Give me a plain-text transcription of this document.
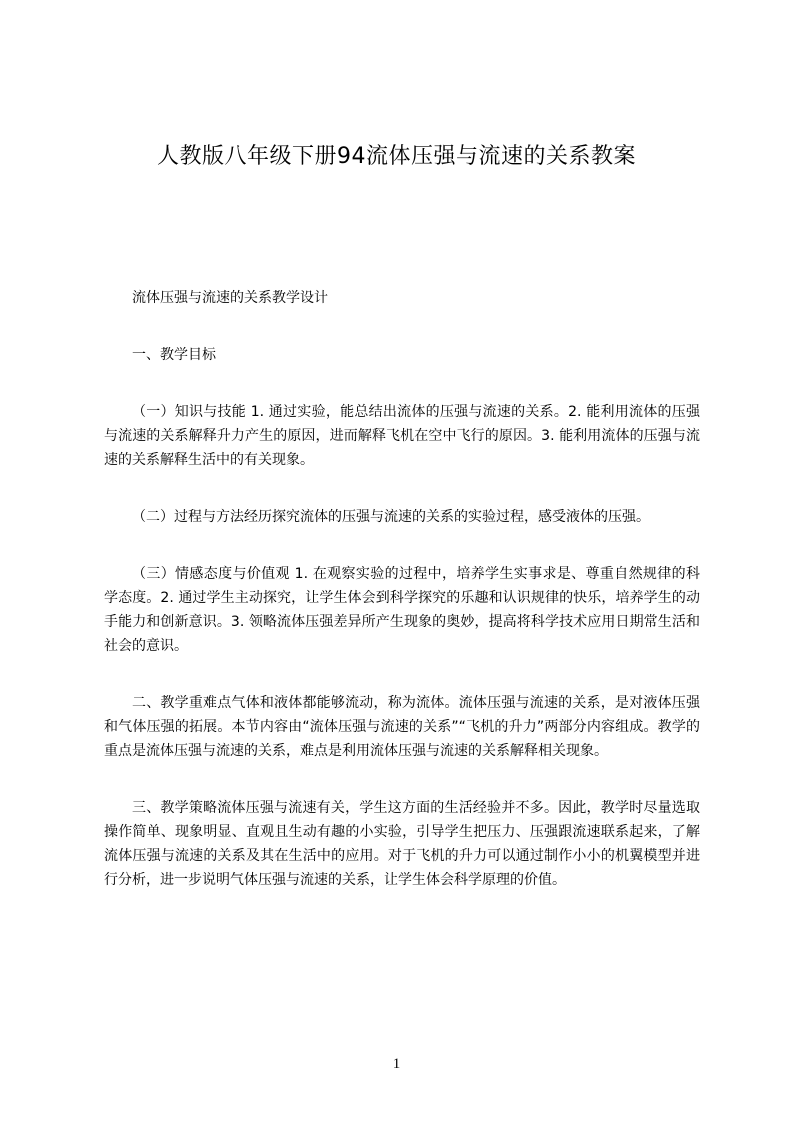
人教版八年级下册94流体压强与流速的关系教案

流体压强与流速的关系教学设计

一、教学目标

（一）知识与技能 1. 通过实验，能总结出流体的压强与流速的关系。2. 能利用流体的压强与流速的关系解释升力产生的原因，进而解释飞机在空中飞行的原因。3. 能利用流体的压强与流速的关系解释生活中的有关现象。

（二）过程与方法经历探究流体的压强与流速的关系的实验过程，感受液体的压强。

（三）情感态度与价值观 1. 在观察实验的过程中，培养学生实事求是、尊重自然规律的科学态度。2. 通过学生主动探究，让学生体会到科学探究的乐趣和认识规律的快乐，培养学生的动手能力和创新意识。3. 领略流体压强差异所产生现象的奥妙，提高将科学技术应用日期常生活和社会的意识。

二、教学重难点气体和液体都能够流动，称为流体。流体压强与流速的关系，是对液体压强和气体压强的拓展。本节内容由“流体压强与流速的关系”“飞机的升力”两部分内容组成。教学的重点是流体压强与流速的关系，难点是利用流体压强与流速的关系解释相关现象。

三、教学策略流体压强与流速有关，学生这方面的生活经验并不多。因此，教学时尽量选取操作简单、现象明显、直观且生动有趣的小实验，引导学生把压力、压强跟流速联系起来，了解流体压强与流速的关系及其在生活中的应用。对于飞机的升力可以通过制作小小的机翼模型并进行分析，进一步说明气体压强与流速的关系，让学生体会科学原理的价值。

1
